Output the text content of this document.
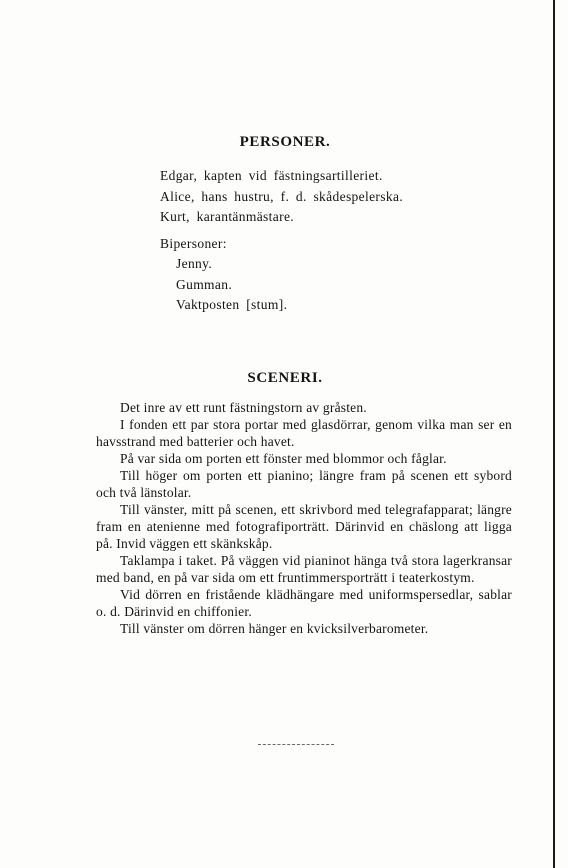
PERSONER.
Edgar, kapten vid fästningsartilleriet.
Alice, hans hustru, f. d. skådespelerska.
Kurt, karantänmästare.
Bipersoner:
Jenny.
Gumman.
Vaktposten [stum].
SCENERI.

Det inre av ett runt fästningstorn av gråsten.

I fonden ett par stora portar med glasdörrar, genom vilka man ser en havsstrand med batterier och havet.

På var sida om porten ett fönster med blommor och fåglar.

Till höger om porten ett pianino; längre fram på scenen ett sybord och två länstolar.

Till vänster, mitt på scenen, ett skrivbord med telegrafapparat; längre fram en atenienne med fotografiporträtt. Därinvid en chäslong att ligga på. Invid väggen ett skänkskåp.

Taklampa i taket. På väggen vid pianinot hänga två stora lagerkransar med band, en på var sida om ett fruntimmersporträtt i teaterkostym.

Vid dörren en fristående klädhängare med uniformspersedlar, sablar o. d. Därinvid en chiffonier.

Till vänster om dörren hänger en kvicksilverbarometer.
